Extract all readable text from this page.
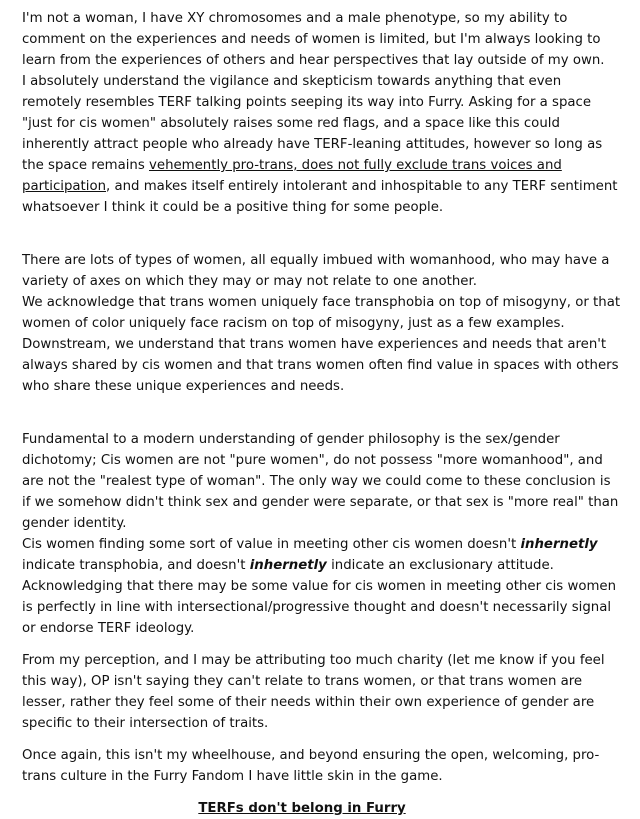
I'm not a woman, I have XY chromosomes and a male phenotype, so my ability to comment on the experiences and needs of women is limited, but I'm always looking to learn from the experiences of others and hear perspectives that lay outside of my own.
I absolutely understand the vigilance and skepticism towards anything that even remotely resembles TERF talking points seeping its way into Furry. Asking for a space "just for cis women" absolutely raises some red flags, and a space like this could inherently attract people who already have TERF-leaning attitudes, however so long as the space remains vehemently pro-trans, does not fully exclude trans voices and participation, and makes itself entirely intolerant and inhospitable to any TERF sentiment whatsoever I think it could be a positive thing for some people.

There are lots of types of women, all equally imbued with womanhood, who may have a variety of axes on which they may or may not relate to one another.
We acknowledge that trans women uniquely face transphobia on top of misogyny, or that women of color uniquely face racism on top of misogyny, just as a few examples.
Downstream, we understand that trans women have experiences and needs that aren't always shared by cis women and that trans women often find value in spaces with others who share these unique experiences and needs.

Fundamental to a modern understanding of gender philosophy is the sex/gender dichotomy; Cis women are not "pure women", do not possess "more womanhood", and are not the "realest type of woman". The only way we could come to these conclusion is if we somehow didn't think sex and gender were separate, or that sex is "more real" than gender identity.
Cis women finding some sort of value in meeting other cis women doesn't inhernetly indicate transphobia, and doesn't inhernetly indicate an exclusionary attitude. Acknowledging that there may be some value for cis women in meeting other cis women is perfectly in line with intersectional/progressive thought and doesn't necessarily signal or endorse TERF ideology.

From my perception, and I may be attributing too much charity (let me know if you feel this way), OP isn't saying they can't relate to trans women, or that trans women are lesser, rather they feel some of their needs within their own experience of gender are specific to their intersection of traits.

Once again, this isn't my wheelhouse, and beyond ensuring the open, welcoming, pro-trans culture in the Furry Fandom I have little skin in the game.

TERFs don't belong in Furry
